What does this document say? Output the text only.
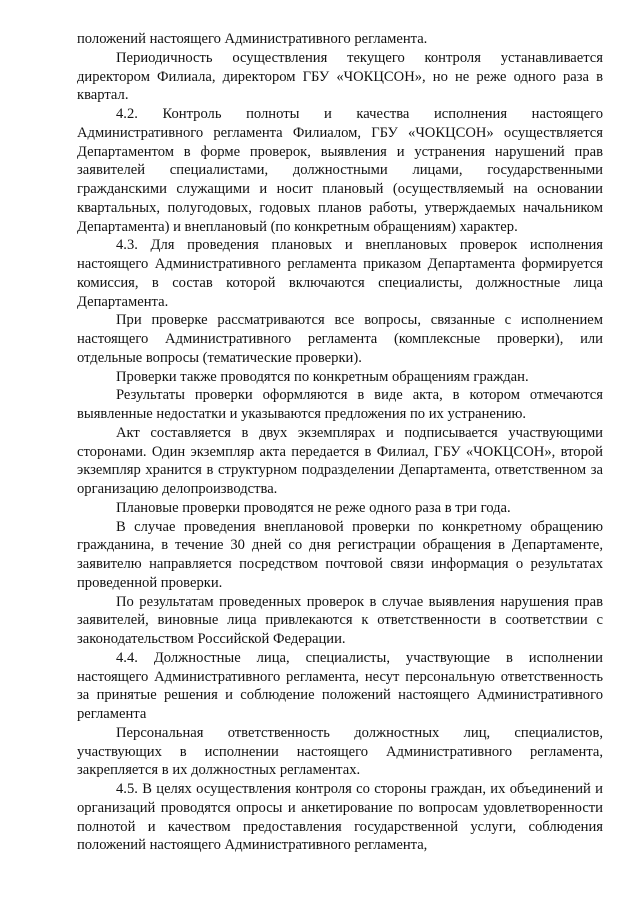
положений настоящего Административного регламента.

Периодичность осуществления текущего контроля устанавливается директором Филиала, директором ГБУ «ЧОКЦСОН», но не реже одного раза в квартал.

4.2. Контроль полноты и качества исполнения настоящего Административного регламента Филиалом, ГБУ «ЧОКЦСОН» осуществляется Департаментом в форме проверок, выявления и устранения нарушений прав заявителей специалистами, должностными лицами, государственными гражданскими служащими и носит плановый (осуществляемый на основании квартальных, полугодовых, годовых планов работы, утверждаемых начальником Департамента) и внеплановый (по конкретным обращениям) характер.

4.3. Для проведения плановых и внеплановых проверок исполнения настоящего Административного регламента приказом Департамента формируется комиссия, в состав которой включаются специалисты, должностные лица Департамента.

При проверке рассматриваются все вопросы, связанные с исполнением настоящего Административного регламента (комплексные проверки), или отдельные вопросы (тематические проверки).

Проверки также проводятся по конкретным обращениям граждан.

Результаты проверки оформляются в виде акта, в котором отмечаются выявленные недостатки и указываются предложения по их устранению.

Акт составляется в двух экземплярах и подписывается участвующими сторонами. Один экземпляр акта передается в Филиал, ГБУ «ЧОКЦСОН», второй экземпляр хранится в структурном подразделении Департамента, ответственном за организацию делопроизводства.

Плановые проверки проводятся не реже одного раза в три года.

В случае проведения внеплановой проверки по конкретному обращению гражданина, в течение 30 дней со дня регистрации обращения в Департаменте, заявителю направляется посредством почтовой связи информация о результатах проведенной проверки.

По результатам проведенных проверок в случае выявления нарушения прав заявителей, виновные лица привлекаются к ответственности в соответствии с законодательством Российской Федерации.

4.4. Должностные лица, специалисты, участвующие в исполнении настоящего Административного регламента, несут персональную ответственность за принятые решения и соблюдение положений настоящего Административного регламента

Персональная ответственность должностных лиц, специалистов, участвующих в исполнении настоящего Административного регламента, закрепляется в их должностных регламентах.

4.5. В целях осуществления контроля со стороны граждан, их объединений и организаций проводятся опросы и анкетирование по вопросам удовлетворенности полнотой и качеством предоставления государственной услуги, соблюдения положений настоящего Административного регламента,
